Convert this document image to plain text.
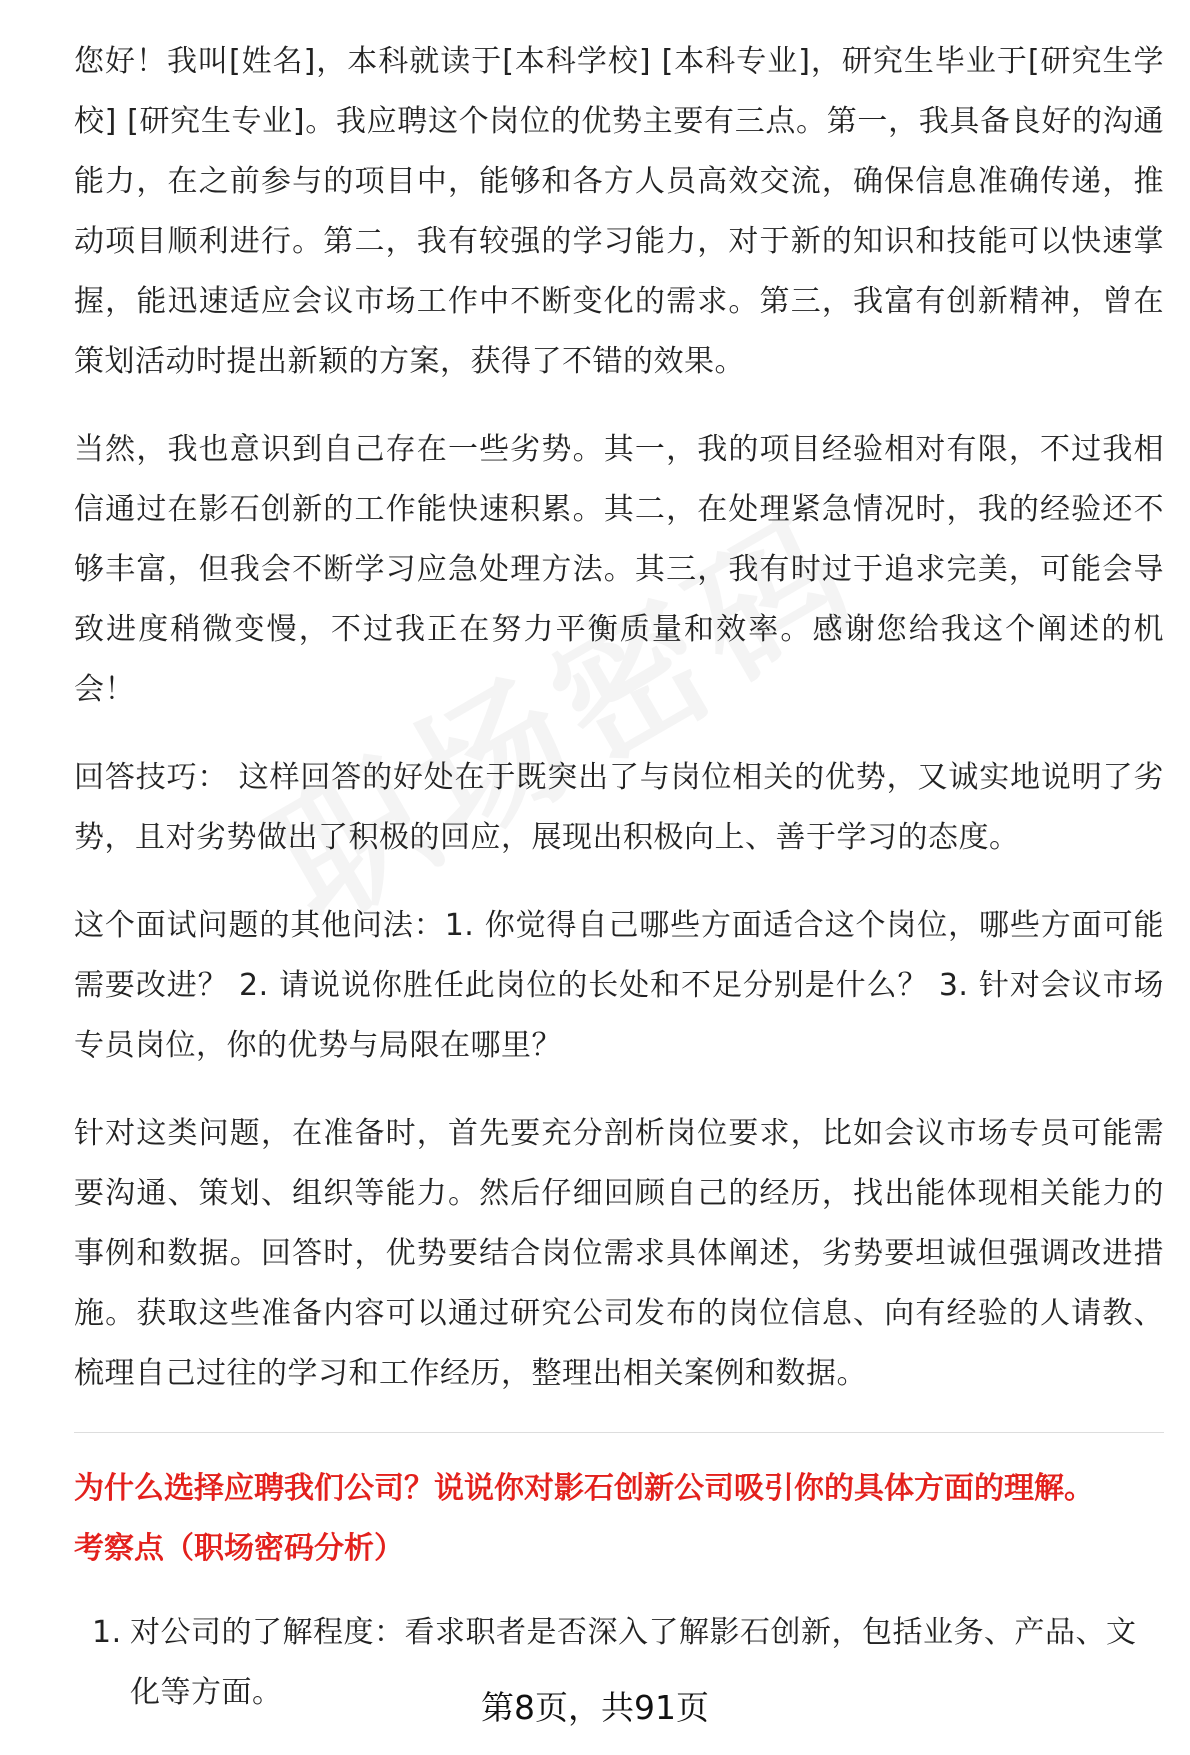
您好！我叫[姓名]，本科就读于[本科学校] [本科专业]，研究生毕业于[研究生学校] [研究生专业]。我应聘这个岗位的优势主要有三点。第一，我具备良好的沟通能力，在之前参与的项目中，能够和各方人员高效交流，确保信息准确传递，推动项目顺利进行。第二，我有较强的学习能力，对于新的知识和技能可以快速掌握，能迅速适应会议市场工作中不断变化的需求。第三，我富有创新精神，曾在策划活动时提出新颖的方案，获得了不错的效果。

当然，我也意识到自己存在一些劣势。其一，我的项目经验相对有限，不过我相信通过在影石创新的工作能快速积累。其二，在处理紧急情况时，我的经验还不够丰富，但我会不断学习应急处理方法。其三，我有时过于追求完美，可能会导致进度稍微变慢，不过我正在努力平衡质量和效率。感谢您给我这个阐述的机会！

回答技巧： 这样回答的好处在于既突出了与岗位相关的优势，又诚实地说明了劣势，且对劣势做出了积极的回应，展现出积极向上、善于学习的态度。

这个面试问题的其他问法：1. 你觉得自己哪些方面适合这个岗位，哪些方面可能需要改进？ 2. 请说说你胜任此岗位的长处和不足分别是什么？ 3. 针对会议市场专员岗位，你的优势与局限在哪里？

针对这类问题，在准备时，首先要充分剖析岗位要求，比如会议市场专员可能需要沟通、策划、组织等能力。然后仔细回顾自己的经历，找出能体现相关能力的事例和数据。回答时，优势要结合岗位需求具体阐述，劣势要坦诚但强调改进措施。获取这些准备内容可以通过研究公司发布的岗位信息、向有经验的人请教、梳理自己过往的学习和工作经历，整理出相关案例和数据。

为什么选择应聘我们公司？说说你对影石创新公司吸引你的具体方面的理解。

考察点（职场密码分析）

1. 对公司的了解程度：看求职者是否深入了解影石创新，包括业务、产品、文化等方面。	第8页，共91页
